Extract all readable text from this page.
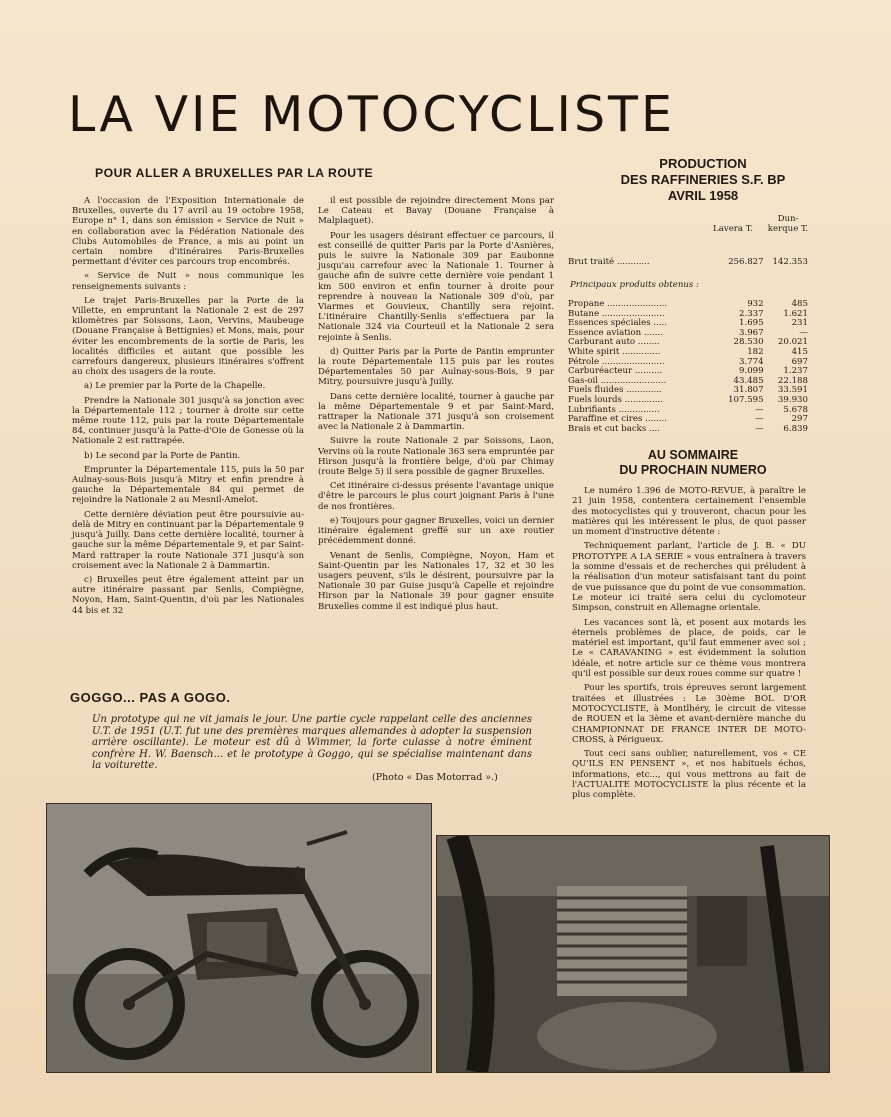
LA VIE MOTOCYCLISTE
POUR ALLER A BRUXELLES PAR LA ROUTE

A l'occasion de l'Exposition Internationale de Bruxelles, ouverte du 17 avril au 19 octobre 1958, Europe n° 1, dans son émission « Service de Nuit » en collaboration avec la Fédération Nationale des Clubs Automobiles de France, a mis au point un certain nombre d'itinéraires Paris-Bruxelles permettant d'éviter ces parcours trop encombrés.

« Service de Nuit » nous communique les renseignements suivants :

Le trajet Paris-Bruxelles par la Porte de la Villette, en empruntant la Nationale 2 est de 297 kilomètres par Soissons, Laon, Vervins, Maubeuge (Douane Française à Bettignies) et Mons, mais, pour éviter les encombrements de la sortie de Paris, les localités difficiles et autant que possible les carrefours dangereux, plusieurs itinéraires s'offrent au choix des usagers de la route.

a) Le premier par la Porte de la Chapelle.

Prendre la Nationale 301 jusqu'à sa jonction avec la Départementale 112 ; tourner à droite sur cette même route 112, puis par la route Départementale 84, continuer jusqu'à la Patte-d'Oie de Gonesse où la Nationale 2 est rattrapée.

b) Le second par la Porte de Pantin.

Emprunter la Départementale 115, puis la 50 par Aulnay-sous-Bois jusqu'à Mitry et enfin prendre à gauche la Départementale 84 qui permet de rejoindre la Nationale 2 au Mesnil-Amelot.

Cette dernière déviation peut être poursuivie au-delà de Mitry en continuant par la Départementale 9 jusqu'à Juilly. Dans cette dernière localité, tourner à gauche sur la même Départementale 9, et par Saint-Mard rattraper la route Nationale 371 jusqu'à son croisement avec la Nationale 2 à Dammartin.

c) Bruxelles peut être également atteint par un autre itinéraire passant par Senlis, Compiègne, Noyon, Ham, Saint-Quentin, d'où par les Nationales 44 bis et 32

il est possible de rejoindre directement Mons par Le Cateau et Bavay (Douane Française à Malplaquet).

Pour les usagers désirant effectuer ce parcours, il est conseillé de quitter Paris par la Porte d'Asnières, puis le suivre la Nationale 309 par Eaubonne jusqu'au carrefour avec la Nationale 1. Tourner à gauche afin de suivre cette dernière voie pendant 1 km 500 environ et enfin tourner à droite pour reprendre à nouveau la Nationale 309 d'où, par Viarmes et Gouvieux, Chantilly sera rejoint. L'itinéraire Chantilly-Senlis s'effectuera par la Nationale 324 via Courteuil et la Nationale 2 sera rejointe à Senlis.

d) Quitter Paris par la Porte de Pantin emprunter la route Départementale 115 puis par les routes Départementales 50 par Aulnay-sous-Bois, 9 par Mitry, poursuivre jusqu'à Juilly.

Dans cette dernière localité, tourner à gauche par la même Départementale 9 et par Saint-Mard, rattraper la Nationale 371 jusqu'à son croisement avec la Nationale 2 à Dammartin.

Suivre la route Nationale 2 par Soissons, Laon, Vervins où la route Nationale 363 sera empruntée par Hirson jusqu'à la frontière belge, d'où par Chimay (route Belge 5) il sera possible de gagner Bruxelles.

Cet itinéraire ci-dessus présente l'avantage unique d'être le parcours le plus court joignant Paris à l'une de nos frontières.

e) Toujours pour gagner Bruxelles, voici un dernier itinéraire également greffé sur un axe routier précédemment donné.

Venant de Senlis, Compiègne, Noyon, Ham et Saint-Quentin par les Nationales 17, 32 et 30 les usagers peuvent, s'ils le désirent, poursuivre par la Nationale 30 par Guise jusqu'à Capelle et rejoindre Hirson par la Nationale 39 pour gagner ensuite Bruxelles comme il est indiqué plus haut.

PRODUCTION
DES RAFFINERIES S.F. BP
AVRIL 1958
Lavera T.
Dun-kerque T.
Brut traité ............	256.827	142.353
Principaux produits obtenus :
Propane ......................	932	485
Butane .......................	2.337	1.621
Essences spéciales .....	1.695	231
Essence aviation .......	3.967	—
Carburant auto ........	28.530	20.021
White spirit ..............	182	415
Pétrole .......................	3.774	697
Carburéacteur ..........	9.099	1.237
Gas-oil ........................	43.485	22.188
Fuels fluides .............	31.807	33.591
Fuels lourds ..............	107.595	39.930
Lubrifiants ...............	—	5.678
Paraffine et cires ........	—	297
Brais et cut backs ....	—	6.839
AU SOMMAIRE
DU PROCHAIN NUMERO

Le numéro 1.396 de MOTO-REVUE, à paraître le 21 juin 1958, contentera certainement l'ensemble des motocyclistes qui y trouveront, chacun pour les matières qui les intéressent le plus, de quoi passer un moment d'instructive détente :

Techniquement parlant, l'article de J. B. « DU PROTOTYPE A LA SERIE » vous entraînera à travers la somme d'essais et de recherches qui préludent à la réalisation d'un moteur satisfaisant tant du point de vue puissance que du point de vue consommation. Le moteur ici traité sera celui du cyclomoteur Simpson, construit en Allemagne orientale.

Les vacances sont là, et posent aux motards les éternels problèmes de place, de poids, car le matériel est important, qu'il faut emmener avec soi ; Le « CARAVANING » est évidemment la solution idéale, et notre article sur ce thème vous montrera qu'il est possible sur deux roues comme sur quatre !

Pour les sportifs, trois épreuves seront largement traitées et illustrées : Le 30ème BOL D'OR MOTOCYCLISTE, à Montlhéry, le circuit de vitesse de ROUEN et la 3ème et avant-dernière manche du CHAMPIONNAT DE FRANCE INTER DE MOTO-CROSS, à Périgueux.

Tout ceci sans oublier, naturellement, vos « CE QU'ILS EN PENSENT », et nos habituels échos, informations, etc..., qui vous mettrons au fait de l'ACTUALITE MOTOCYCLISTE la plus récente et la plus complète.

GOGGO... PAS A GOGO.
Un prototype qui ne vit jamais le jour. Une partie cycle rappelant celle des anciennes U.T. de 1951 (U.T. fut une des premières marques allemandes à adopter la suspension arrière oscillante). Le moteur est dû à Wimmer, la forte culasse à notre éminent confrère H. W. Baensch... et le prototype à Goggo, qui se spécialise maintenant dans la voiturette.
(Photo « Das Motorrad ».)
